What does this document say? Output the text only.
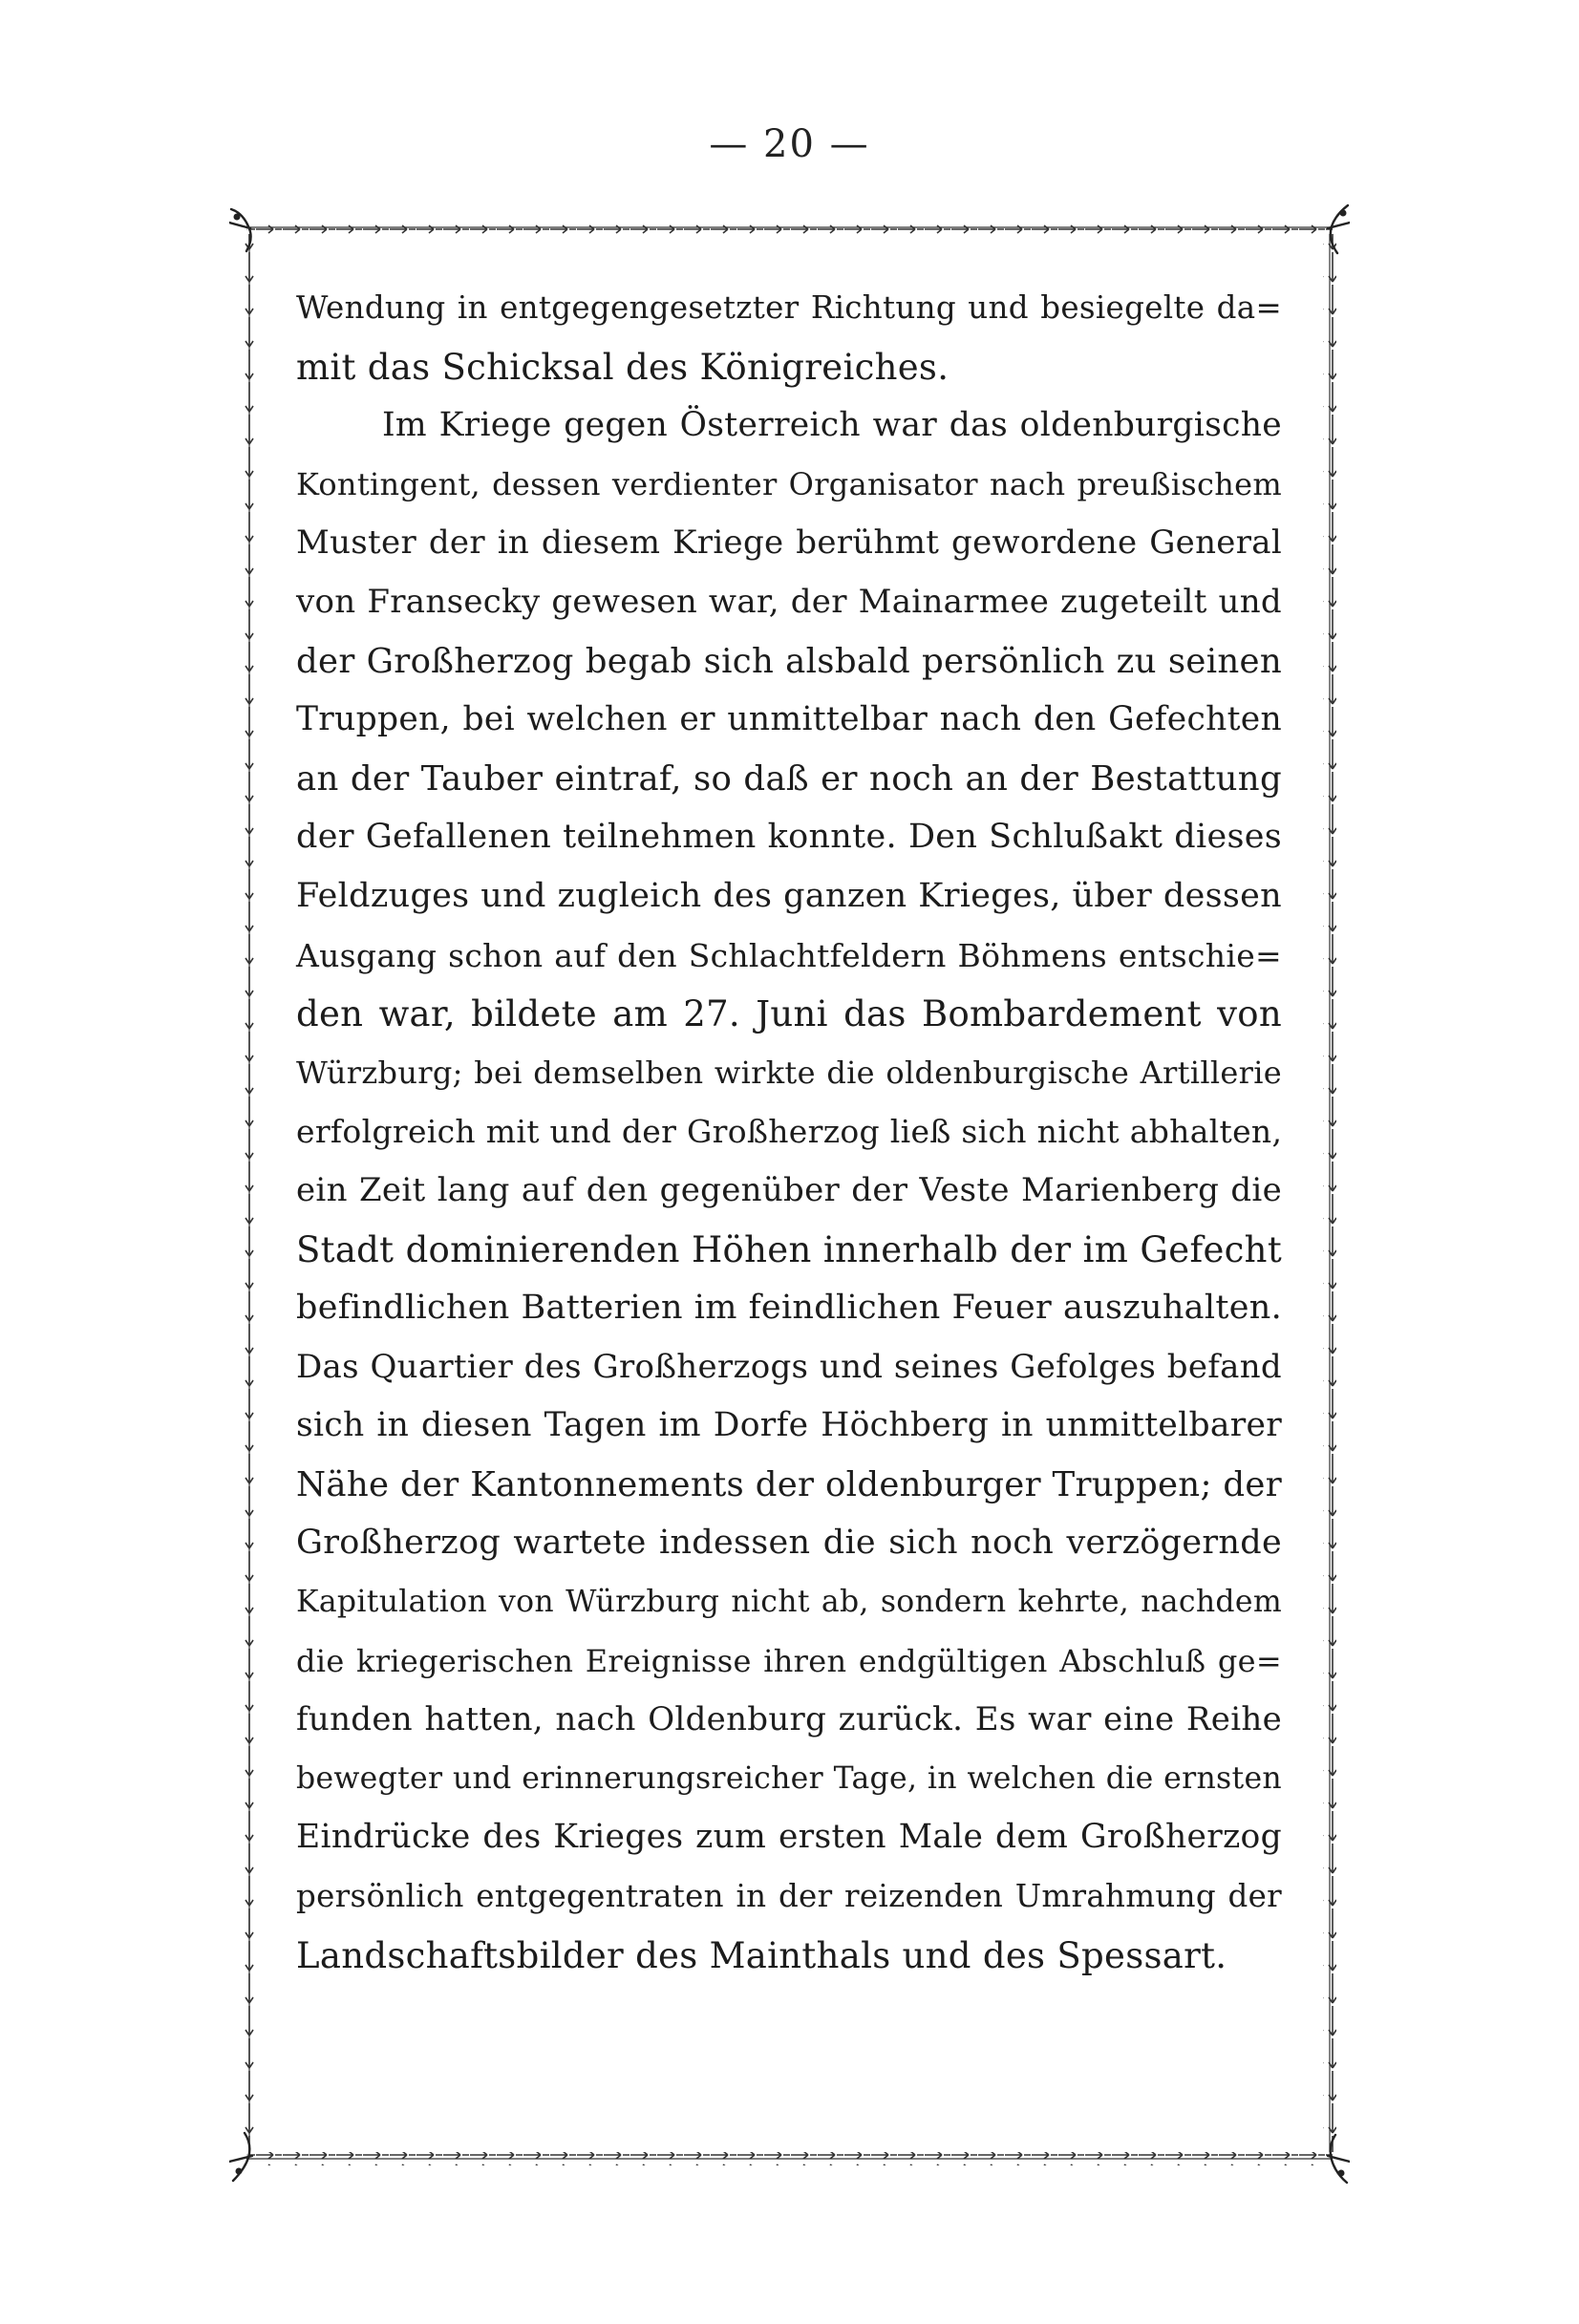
— 20 —
Wendung in entgegengesetzter Richtung und besiegelte da=
mit das Schicksal des Königreiches.
Im Kriege gegen Österreich war das oldenburgische
Kontingent, dessen verdienter Organisator nach preußischem
Muster der in diesem Kriege berühmt gewordene General
von Fransecky gewesen war, der Mainarmee zugeteilt und
der Großherzog begab sich alsbald persönlich zu seinen
Truppen, bei welchen er unmittelbar nach den Gefechten
an der Tauber eintraf, so daß er noch an der Bestattung
der Gefallenen teilnehmen konnte. Den Schlußakt dieses
Feldzuges und zugleich des ganzen Krieges, über dessen
Ausgang schon auf den Schlachtfeldern Böhmens entschie=
den war, bildete am 27. Juni das Bombardement von
Würzburg; bei demselben wirkte die oldenburgische Artillerie
erfolgreich mit und der Großherzog ließ sich nicht abhalten,
ein Zeit lang auf den gegenüber der Veste Marienberg die
Stadt dominierenden Höhen innerhalb der im Gefecht
befindlichen Batterien im feindlichen Feuer auszuhalten.
Das Quartier des Großherzogs und seines Gefolges befand
sich in diesen Tagen im Dorfe Höchberg in unmittelbarer
Nähe der Kantonnements der oldenburger Truppen; der
Großherzog wartete indessen die sich noch verzögernde
Kapitulation von Würzburg nicht ab, sondern kehrte, nachdem
die kriegerischen Ereignisse ihren endgültigen Abschluß ge=
funden hatten, nach Oldenburg zurück. Es war eine Reihe
bewegter und erinnerungsreicher Tage, in welchen die ernsten
Eindrücke des Krieges zum ersten Male dem Großherzog
persönlich entgegentraten in der reizenden Umrahmung der
Landschaftsbilder des Mainthals und des Spessart.
